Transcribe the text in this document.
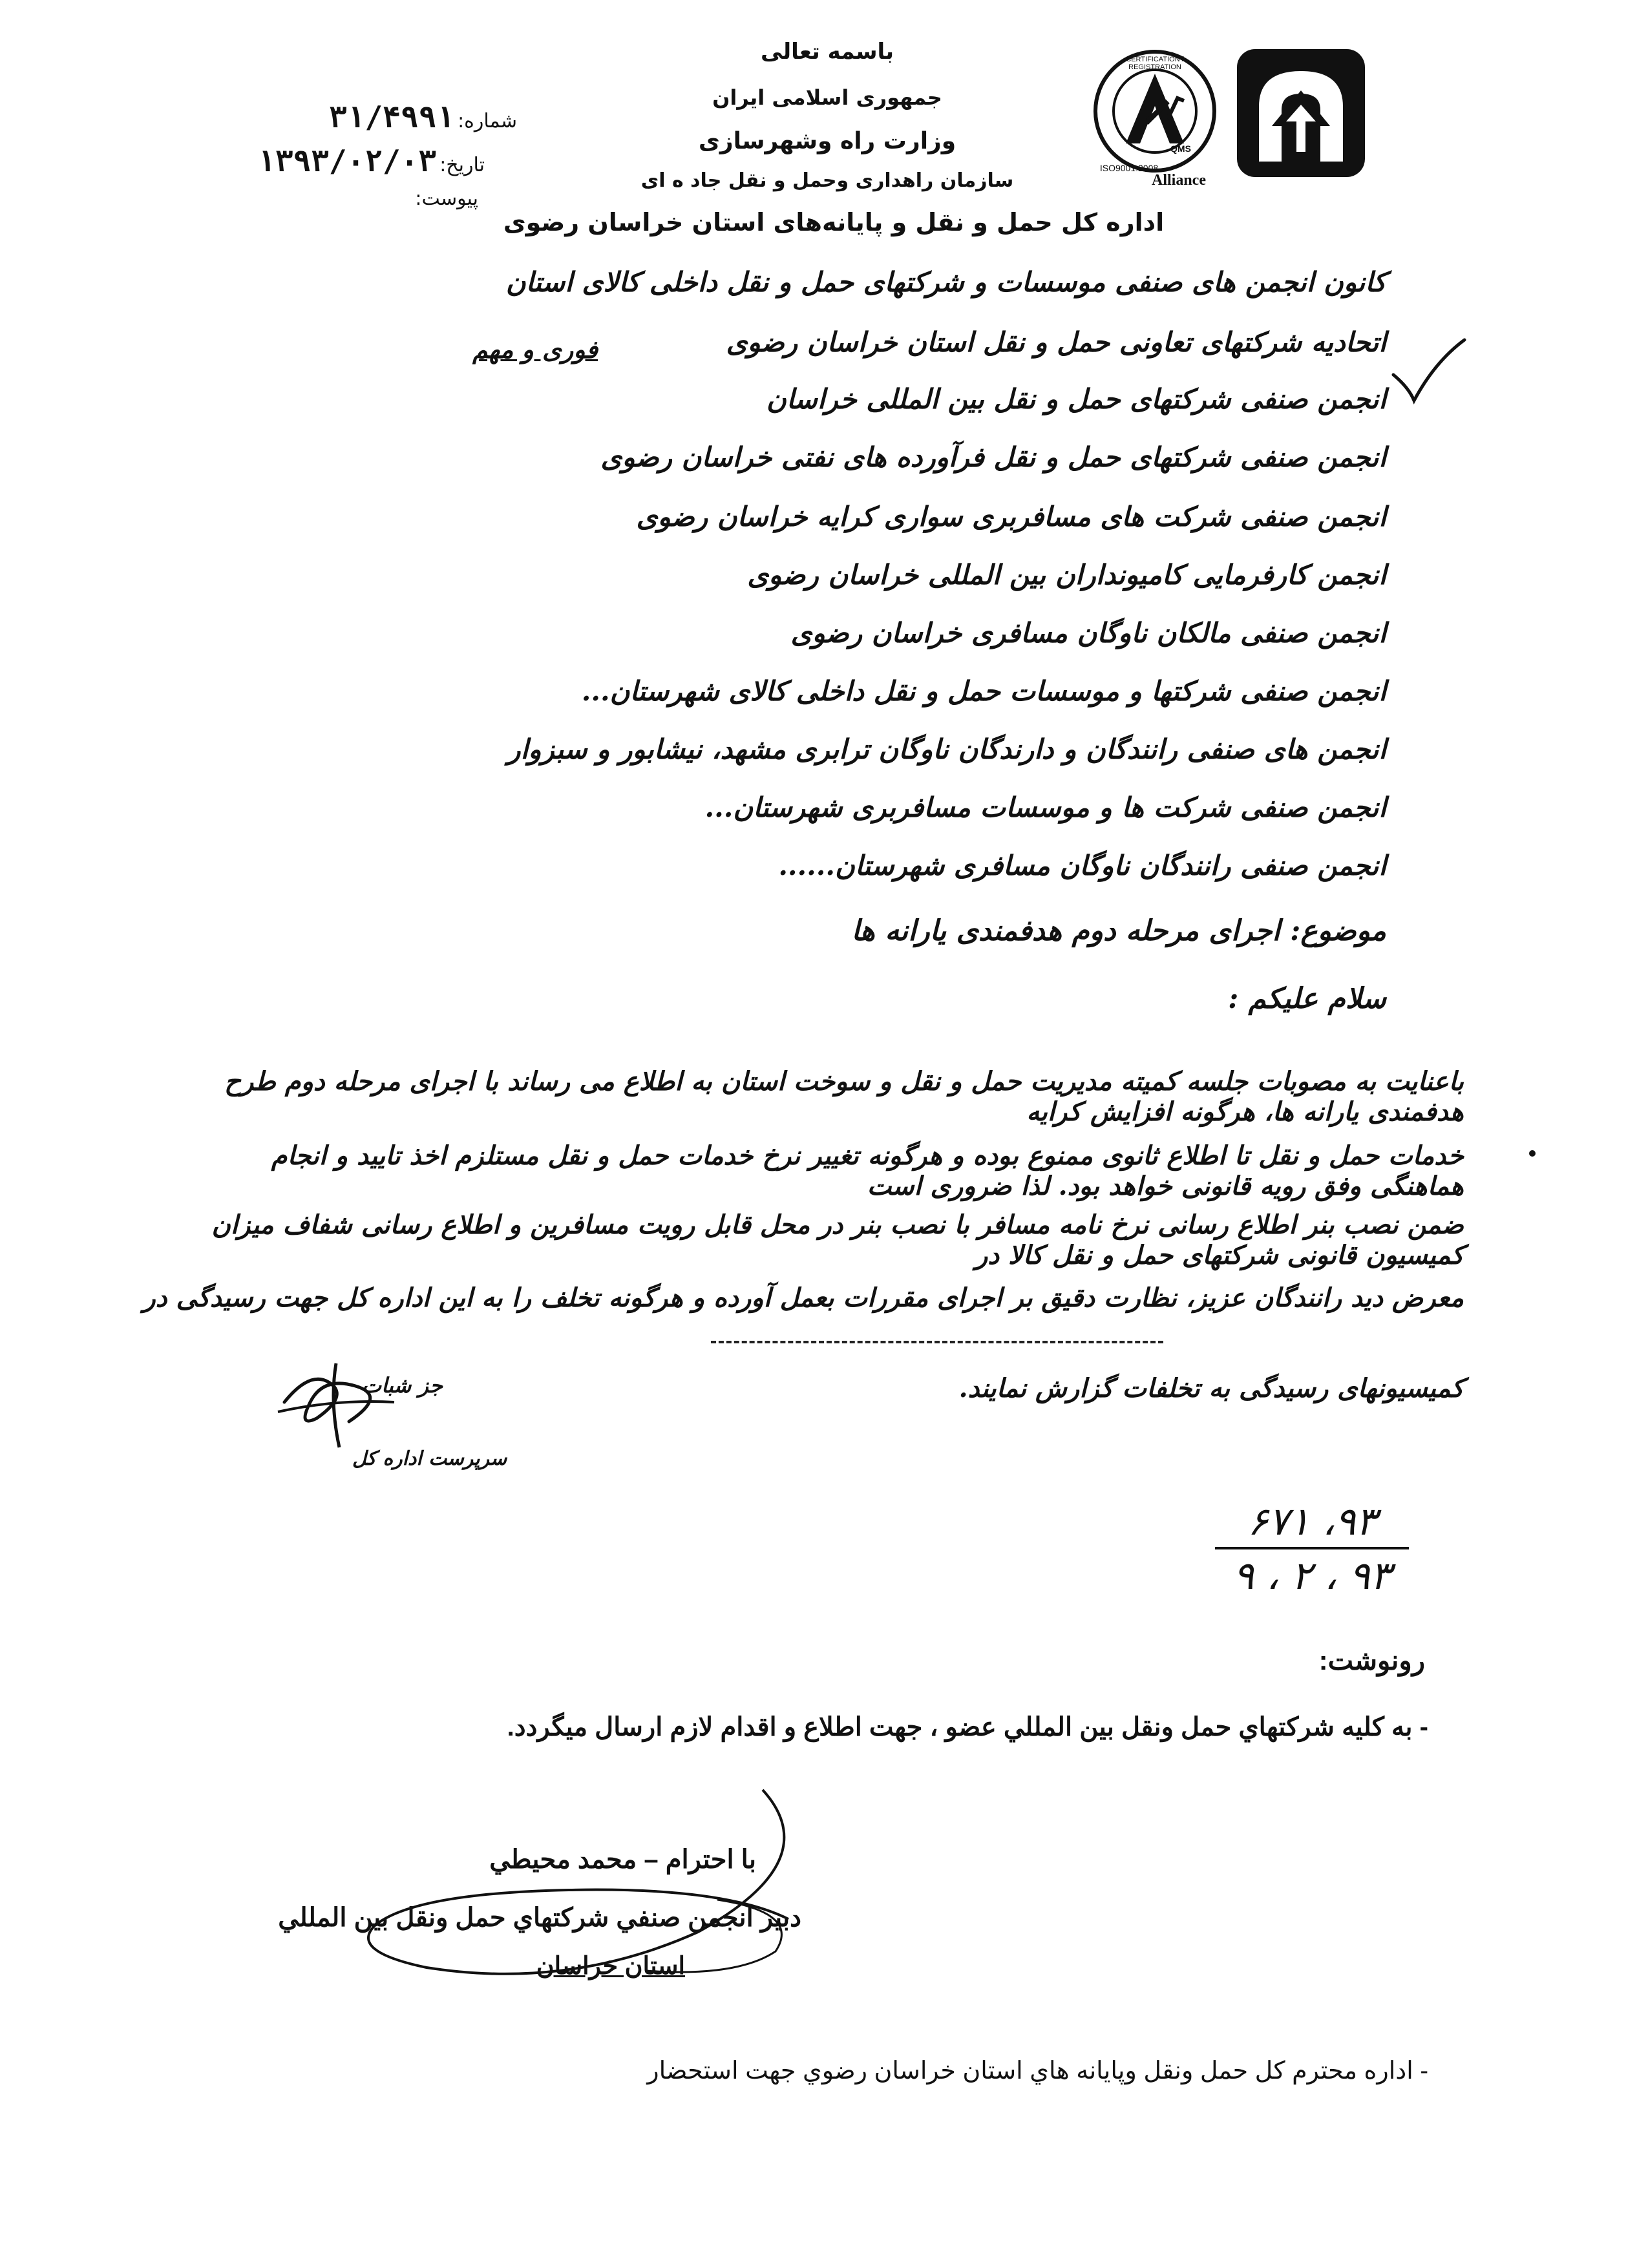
CERTIFICATION / REGISTRATION
QMS
ISO9001:2008
Alliance
باسمه تعالی
جمهوری اسلامی ایران
وزارت راه وشهرسازی
سازمان راهداری وحمل و نقل جاد ه ای
اداره کل حمل و نقل و پایانه‌های استان خراسان رضوی
شماره: ۳۱/۴۹۹۱
تاریخ: ۱۳۹۳/۰۲/۰۳
پیوست:
فوری و مهم
کانون انجمن های صنفی موسسات و شرکتهای حمل و نقل داخلی کالای استان
اتحادیه شرکتهای تعاونی حمل و نقل استان خراسان رضوی
انجمن صنفی شرکتهای حمل و نقل بین المللی خراسان
انجمن صنفی شرکتهای حمل و نقل فرآورده های نفتی خراسان رضوی
انجمن صنفی شرکت های مسافربری سواری کرایه خراسان رضوی
انجمن کارفرمایی کامیونداران بین المللی خراسان رضوی
انجمن صنفی مالکان ناوگان مسافری خراسان رضوی
انجمن صنفی شرکتها و موسسات حمل و نقل داخلی کالای شهرستان...
انجمن های صنفی رانندگان و دارندگان ناوگان ترابری مشهد، نیشابور و سبزوار
انجمن صنفی شرکت ها و موسسات مسافربری شهرستان...
انجمن صنفی رانندگان ناوگان مسافری شهرستان......
موضوع: اجرای مرحله دوم هدفمندی یارانه ها
سلام علیکم :
باعنایت به مصوبات جلسه کمیته مدیریت حمل و نقل و سوخت استان به اطلاع می رساند با اجرای مرحله دوم طرح هدفمندی یارانه ها، هرگونه افزایش کرایه
خدمات حمل و نقل تا اطلاع ثانوی ممنوع بوده و هرگونه تغییر نرخ خدمات حمل و نقل مستلزم اخذ تایید و انجام هماهنگی وفق رویه قانونی خواهد بود. لذا ضروری است
ضمن نصب بنر اطلاع رسانی نرخ نامه مسافر با نصب بنر در محل قابل رویت مسافرین و اطلاع رسانی شفاف میزان کمیسیون قانونی شرکتهای حمل و نقل کالا در
معرض دید رانندگان عزیز، نظارت دقیق بر اجرای مقررات بعمل آورده و هرگونه تخلف را به این اداره کل جهت رسیدگی در
کمیسیونهای رسیدگی به تخلفات گزارش نمایند.
جز شبات
سرپرست اداره کل
۹۳، ۶۷۱
۹۳ ، ۲ ، ۹
رونوشت:
- به كليه شركتهاي حمل ونقل بين المللي عضو ، جهت اطلاع و اقدام لازم ارسال ميگردد.
با احترام – محمد محيطي
دبير انجمن صنفي شركتهاي حمل ونقل بين المللي
استان خراسان
- اداره محترم كل حمل ونقل وپايانه هاي استان خراسان رضوي جهت استحضار
